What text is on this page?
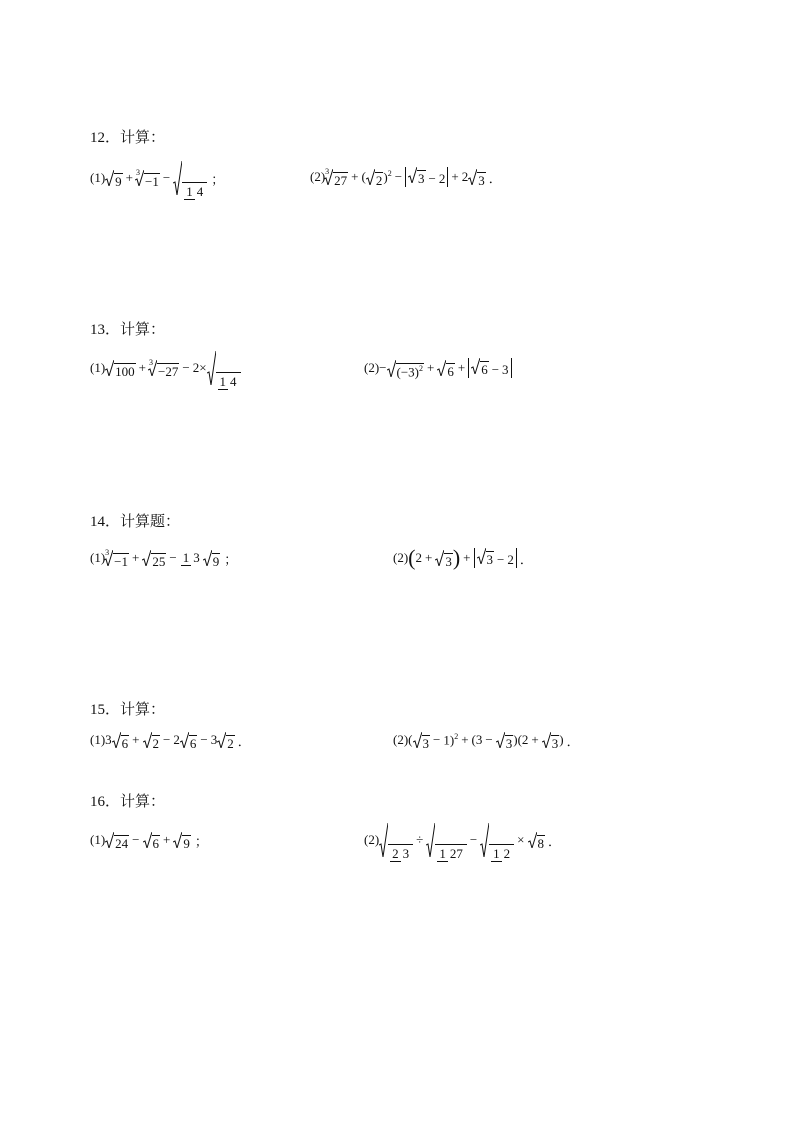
12．计算：
(1) 9 + 3
−1 −
1 4
；	(2) 3
27 + ( 2 )$^2$ −	3 − 2 + 2 3 ．
13．计算：
(1) 100 + 3
−27 − 2×
1 4
$(2) - (-3)^2$ +	6 +	6 − 3
14．计算题：
(1) 3
−1 +	25 − 1 3	9 ；	(2) ( 2 +	3 ) +	3 − 2 ．
15．计算：
(1) 3 6 +	2 − 2 6 − 3 2 ．	(2) ( 3 − 1)$^2$ + (3 −	3 )(2 +	3 ) ．
16．计算：
(1) 24 −	6 +	9 ；	(2)
2 3
÷
1 27
−
1 2
×	8 ．
